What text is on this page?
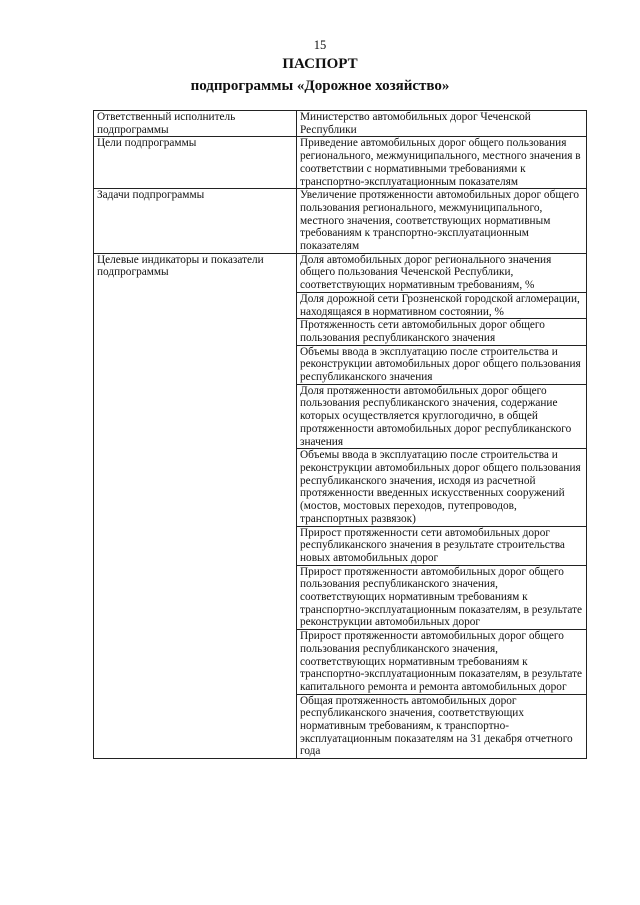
15
ПАСПОРТ
подпрограммы «Дорожное хозяйство»
Ответственный исполнитель подпрограммы	Министерство автомобильных дорог Чеченской Республики
Цели подпрограммы	Приведение автомобильных дорог общего пользования регионального, межмуниципального, местного значения в соответствии с нормативными требованиями к транспортно-эксплуатационным показателям
Задачи подпрограммы	Увеличение протяженности автомобильных дорог общего пользования регионального, межмуниципального, местного значения, соответствующих нормативным требованиям к транспортно-эксплуатационным показателям
Целевые индикаторы и показатели подпрограммы	Доля автомобильных дорог регионального значения общего пользования Чеченской Республики, соответствующих нормативным требованиям, %
	Доля дорожной сети Грозненской городской агломерации, находящаяся в нормативном состоянии, %
	Протяженность сети автомобильных дорог общего пользования республиканского значения
	Объемы ввода в эксплуатацию после строительства и реконструкции автомобильных дорог общего пользования республиканского значения
	Доля протяженности автомобильных дорог общего пользования республиканского значения, содержание которых осуществляется круглогодично, в общей протяженности автомобильных дорог республиканского значения
	Объемы ввода в эксплуатацию после строительства и реконструкции автомобильных дорог общего пользования республиканского значения, исходя из расчетной протяженности введенных искусственных сооружений (мостов, мостовых переходов, путепроводов, транспортных развязок)
	Прирост протяженности сети автомобильных дорог республиканского значения в результате строительства новых автомобильных дорог
	Прирост протяженности автомобильных дорог общего пользования республиканского значения, соответствующих нормативным требованиям к транспортно-эксплуатационным показателям, в результате реконструкции автомобильных дорог
	Прирост протяженности автомобильных дорог общего пользования республиканского значения, соответствующих нормативным требованиям к транспортно-эксплуатационным показателям, в результате капитального ремонта и ремонта автомобильных дорог
	Общая протяженность автомобильных дорог республиканского значения, соответствующих нормативным требованиям, к транспортно-эксплуатационным показателям на 31 декабря отчетного года
